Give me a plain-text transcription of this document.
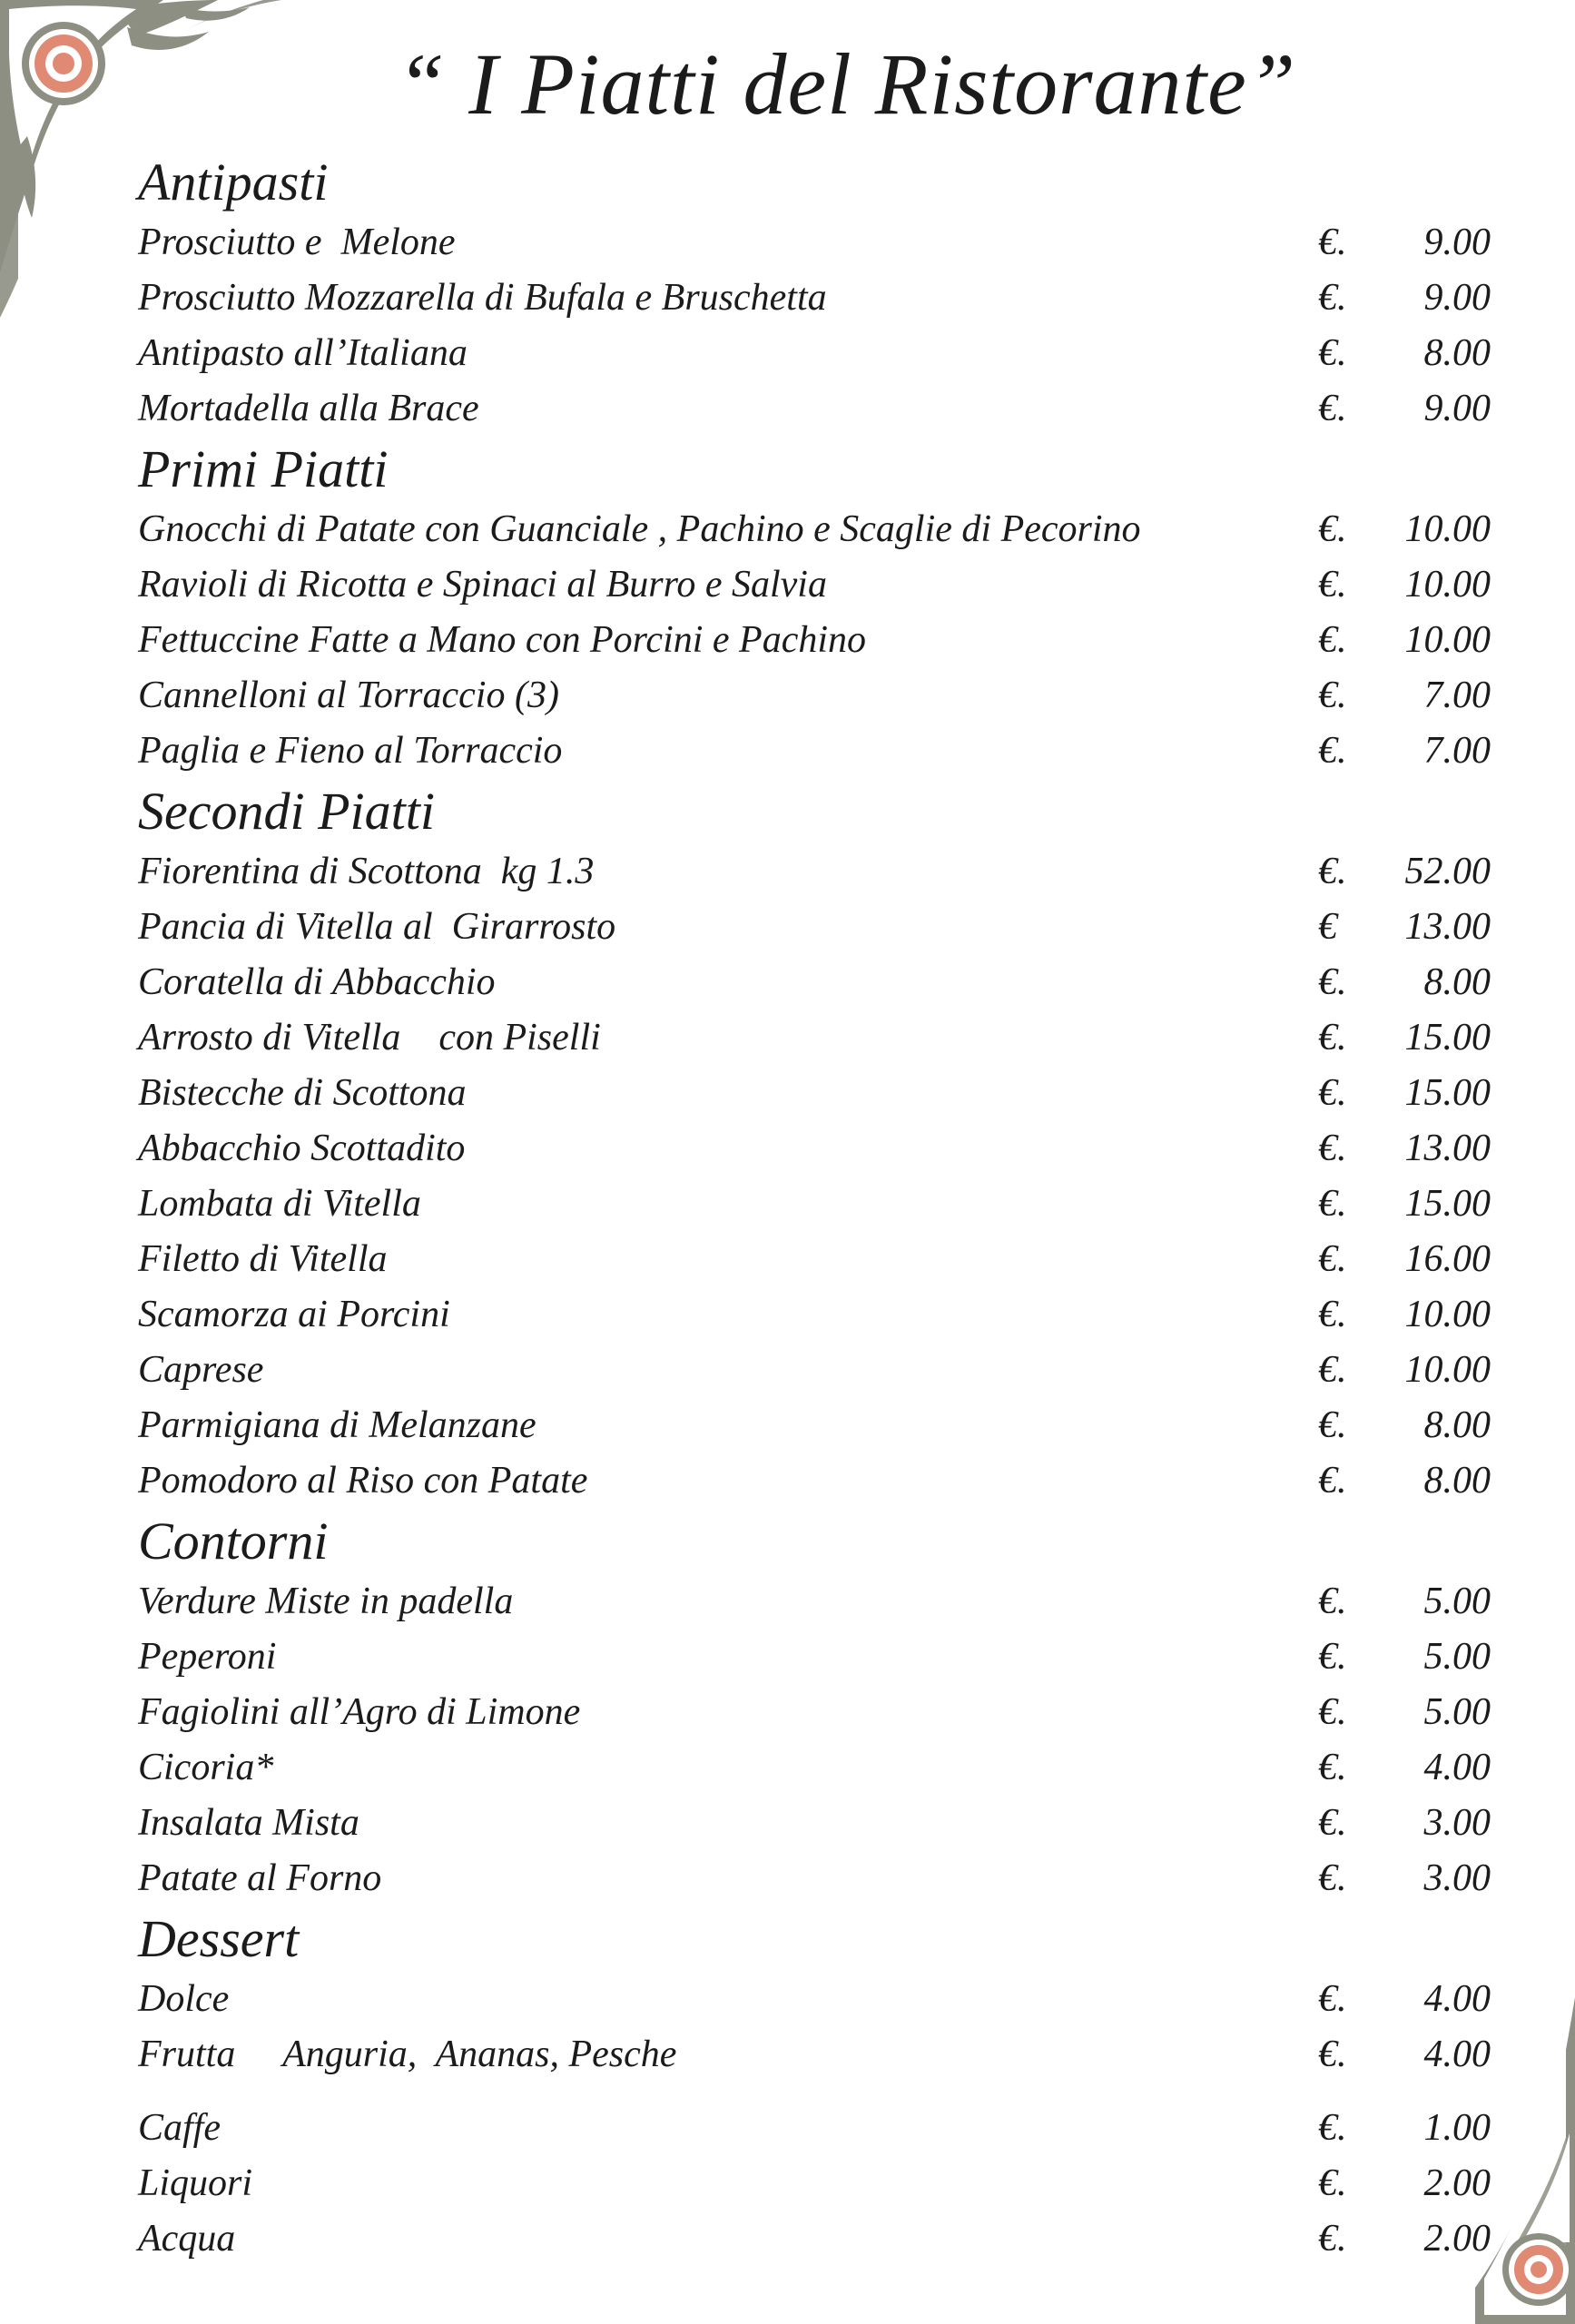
“ I Piatti del Ristorante”
Antipasti
Prosciutto e  Melone	€.	9.00
Prosciutto Mozzarella di Bufala e Bruschetta	€.	9.00
Antipasto all’Italiana	€.	8.00
Mortadella alla Brace	€.	9.00
Primi Piatti
Gnocchi di Patate con Guanciale , Pachino e Scaglie di Pecorino	€.	10.00
Ravioli di Ricotta e Spinaci al Burro e Salvia	€.	10.00
Fettuccine Fatte a Mano con Porcini e Pachino	€.	10.00
Cannelloni al Torraccio (3)	€.	7.00
Paglia e Fieno al Torraccio	€.	7.00
Secondi Piatti
Fiorentina di Scottona  kg 1.3	€.	52.00
Pancia di Vitella al  Girarrosto	€	13.00
Coratella di Abbacchio	€.	8.00
Arrosto di Vitella    con Piselli	€.	15.00
Bistecche di Scottona	€.	15.00
Abbacchio Scottadito	€.	13.00
Lombata di Vitella	€.	15.00
Filetto di Vitella	€.	16.00
Scamorza ai Porcini	€.	10.00
Caprese	€.	10.00
Parmigiana di Melanzane	€.	8.00
Pomodoro al Riso con Patate	€.	8.00
Contorni
Verdure Miste in padella	€.	5.00
Peperoni	€.	5.00
Fagiolini all’Agro di Limone	€.	5.00
Cicoria*	€.	4.00
Insalata Mista	€.	3.00
Patate al Forno	€.	3.00
Dessert
Dolce	€.	4.00
Frutta     Anguria,  Ananas, Pesche	€.	4.00
Caffe	€.	1.00
Liquori	€.	2.00
Acqua	€.	2.00
